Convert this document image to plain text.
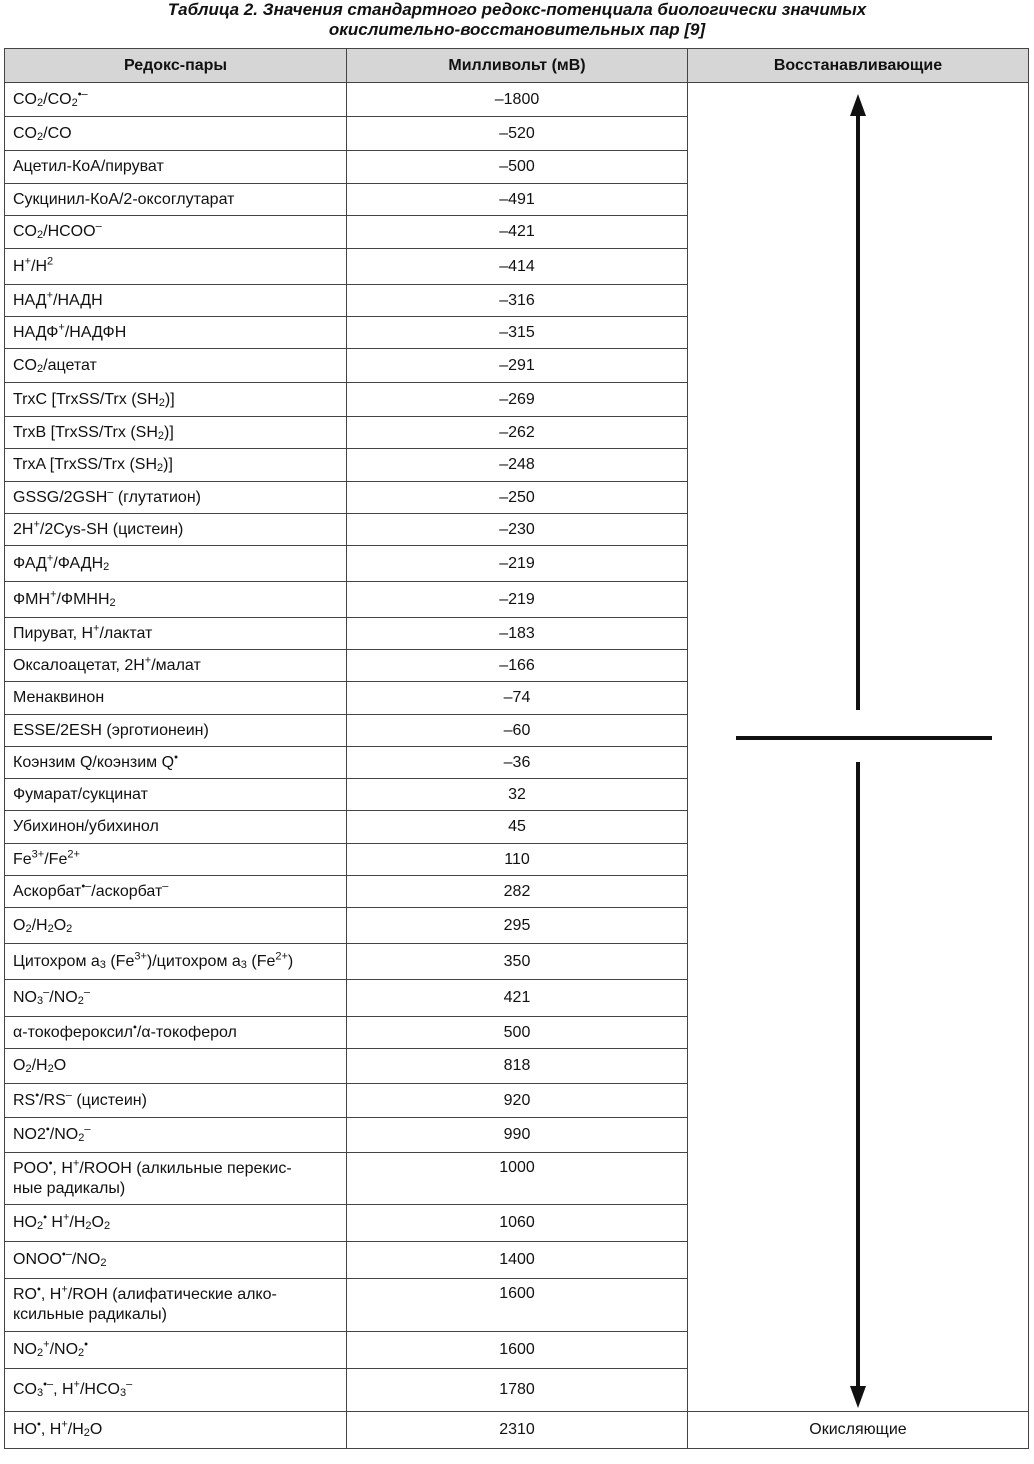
Таблица 2. Значения стандартного редокс-потенциала биологически значимых
окислительно-восстановительных пар [9]
Редокс-пары	Милливольт (мВ)	Восстанавливающие
$CO_2/CO_2^{•-}$	–1800	
$CO_2/CO$	–520	
Ацетил-КоА/пируват	–500	
Сукцинил-КоА/2-оксоглутарат	–491	
$CO_2/HCOO^-$	–421	
$H^+/H^2$	–414	
НАД+/НАДН	–316	
НАДФ+/НАДФН	–315	
$CO_2$/ацетат	–291	
TrxC [TrxSS/Trx $(SH_2)$]	–269	
TrxB [TrxSS/Trx $(SH_2)$]	–262	
TrxA [TrxSS/Trx $(SH_2)$]	–248	
GSSG/2GSH– (глутатион)	–250	
2H+/2Cys-SH (цистеин)	–230	
$ФАД^+/ФАДН_2$	–219	
$ФМН^+/ФМНН_2$	–219	
Пируват, H+/лактат	–183	
Оксалоацетат, 2H+/малат	–166	
Менаквинон	–74	
ESSE/2ESH (эрготионеин)	–60	
Коэнзим Q/коэнзим Q•	–36	
Фумарат/сукцинат	32	
Убихинон/убихинол	45	
$Fe^{3+}/Fe^{2+}$	110	
Аскорбат•–/аскорбат–	282	
$O_2/H_2O_2$	295	
Цитохром $a_3$ $(Fe^{3+})$/цитохром $a_3$ $(Fe^{2+})$	350	
$NO_3^-/NO_2^-$	421	
α-токофероксил•/α-токоферол	500	
$O_2/H_2O$	818	
RS•/RS– (цистеин)	920	
$NO2^•/NO_2^-$	990	
POO•, H+/ROOH (алкильные перекис-
ные радикалы)	1000	
$HO_2^•$ $H^+/H_2O_2$	1060	
$ONOO^{•-}/NO_2$	1400	
RO•, H+/ROH (алифатические алко-
ксильные радикалы)	1600	
$NO_2^+/NO_2^•$	1600	
$CO_3^{•-}$, $H^+/HCO_3^-$	1780	
HO•, $H^+/H_2O$	2310	Окисляющие
